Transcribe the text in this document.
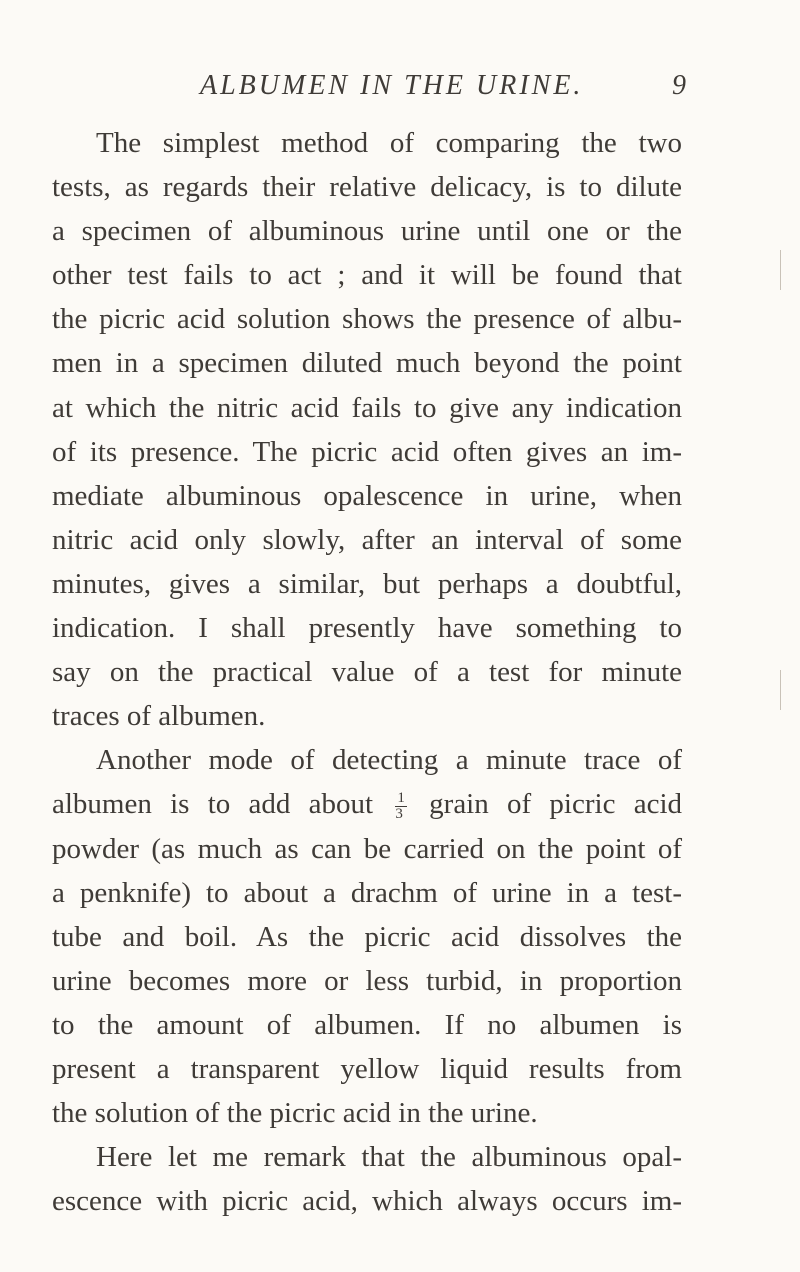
ALBUMEN IN THE URINE.	9
The simplest method of comparing the two
tests, as regards their relative delicacy, is to dilute
a specimen of albuminous urine until one or the
other test fails to act ; and it will be found that
the picric acid solution shows the presence of albu-
men in a specimen diluted much beyond the point
at which the nitric acid fails to give any indication
of its presence. The picric acid often gives an im-
mediate albuminous opalescence in urine, when
nitric acid only slowly, after an interval of some
minutes, gives a similar, but perhaps a doubtful,
indication. I shall presently have something to
say on the practical value of a test for minute
traces of albumen.
Another mode of detecting a minute trace of
albumen is to add about $\frac{1}{3}$ grain of picric acid
powder (as much as can be carried on the point of
a penknife) to about a drachm of urine in a test-
tube and boil. As the picric acid dissolves the
urine becomes more or less turbid, in proportion
to the amount of albumen. If no albumen is
present a transparent yellow liquid results from
the solution of the picric acid in the urine.
Here let me remark that the albuminous opal-
escence with picric acid, which always occurs im-
